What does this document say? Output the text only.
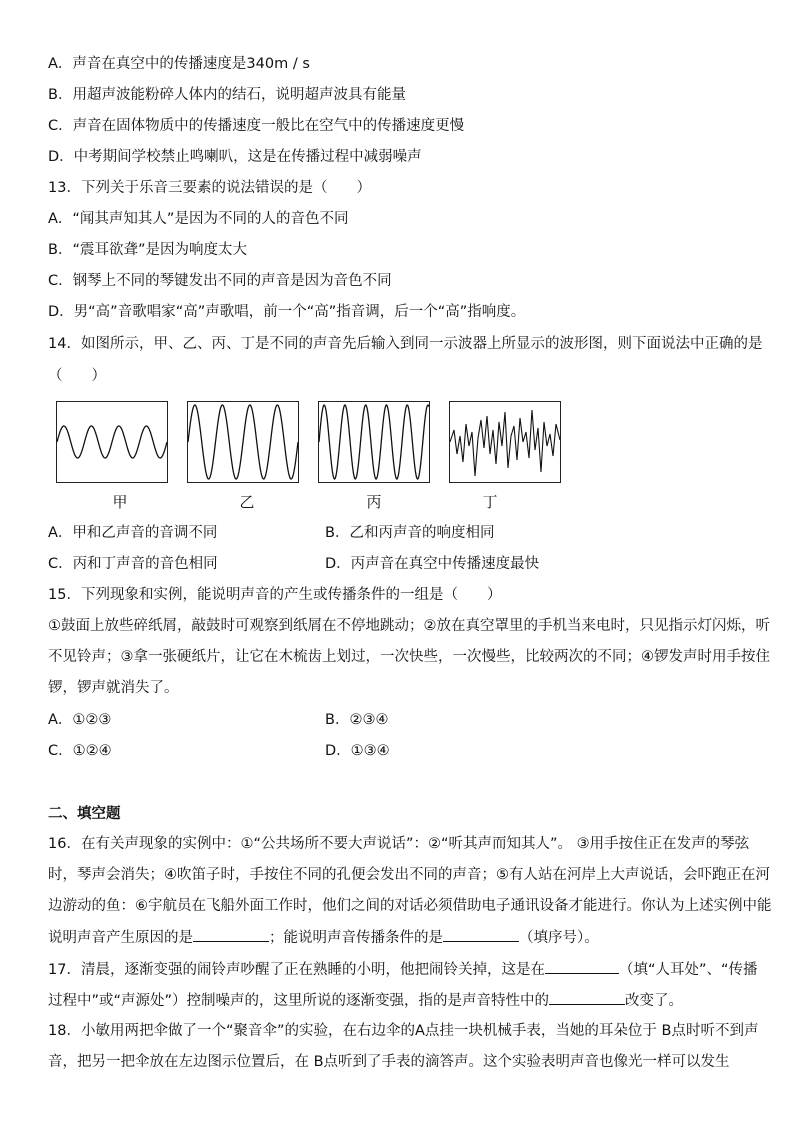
A．声音在真空中的传播速度是340m / s
B．用超声波能粉碎人体内的结石，说明超声波具有能量
C．声音在固体物质中的传播速度一般比在空气中的传播速度更慢
D．中考期间学校禁止鸣喇叭，这是在传播过程中减弱噪声
13．下列关于乐音三要素的说法错误的是（　　）
A．“闻其声知其人”是因为不同的人的音色不同
B．“震耳欲聋”是因为响度太大
C．钢琴上不同的琴键发出不同的声音是因为音色不同
D．男“高”音歌唱家“高”声歌唱，前一个“高”指音调，后一个“高”指响度。
14．如图所示，甲、乙、丙、丁是不同的声音先后输入到同一示波器上所显示的波形图，则下面说法中正确的是
（　　）
甲	乙	丙	丁
A．甲和乙声音的音调不同	B．乙和丙声音的响度相同
C．丙和丁声音的音色相同	D．丙声音在真空中传播速度最快
15．下列现象和实例，能说明声音的产生或传播条件的一组是（　　）
①鼓面上放些碎纸屑，敲鼓时可观察到纸屑在不停地跳动；②放在真空罩里的手机当来电时，只见指示灯闪烁，听
不见铃声；③拿一张硬纸片，让它在木梳齿上划过，一次快些，一次慢些，比较两次的不同；④锣发声时用手按住
锣，锣声就消失了。
A．①②③	B．②③④
C．①②④	D．①③④
二、填空题
16．在有关声现象的实例中：①“公共场所不要大声说话”：②“听其声而知其人”。 ③用手按住正在发声的琴弦
时，琴声会消失；④吹笛子时，手按住不同的孔便会发出不同的声音；⑤有人站在河岸上大声说话，会吓跑正在河
边游动的鱼：⑥宇航员在飞船外面工作时，他们之间的对话必须借助电子通讯设备才能进行。你认为上述实例中能
说明声音产生原因的是	；能说明声音传播条件的是	（填序号）。
17．清晨，逐渐变强的闹铃声吵醒了正在熟睡的小明，他把闹铃关掉，这是在	（填“人耳处”、“传播
过程中”或“声源处”）控制噪声的，这里所说的逐渐变强，指的是声音特性中的	改变了。
18．小敏用两把伞做了一个“聚音伞”的实验，在右边伞的A点挂一块机械手表，当她的耳朵位于 B点时听不到声
音，把另一把伞放在左边图示位置后，在 B点听到了手表的滴答声。这个实验表明声音也像光一样可以发生
